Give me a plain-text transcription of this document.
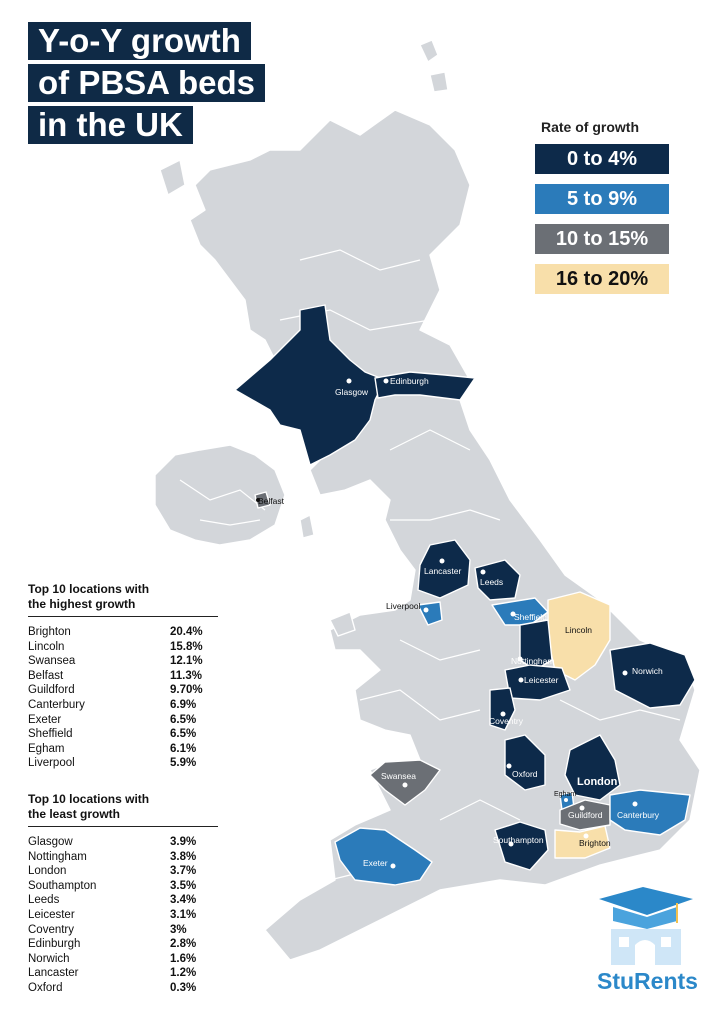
Glasgow
Edinburgh
Belfast
Lancaster
Leeds
Liverpool
Sheffield
Lincoln
Nottingham
Leicester
Norwich
Coventry
Oxford
London
Egham
Guildford Canterbury
Brighton
Swansea
Exeter
Southampton
Y-o-Y growth
of PBSA beds
in the UK	Rate of growth
0 to 4%
5 to 9%
10 to 15%
16 to 20%
Top 10 locations with
the highest growth
Brighton	20.4%
Lincoln	15.8%
Swansea	12.1%
Belfast	11.3%
Guildford	9.70%
Canterbury	6.9%
Exeter	6.5%
Sheffield	6.5%
Egham	6.1%
Liverpool	5.9%
Top 10 locations with
the least growth
Glasgow	3.9%
Nottingham	3.8%
London	3.7%
Southampton	3.5%
Leeds	3.4%
Leicester	3.1%
Coventry	3%
Edinburgh	2.8%
Norwich	1.6%
Lancaster	1.2%
Oxford	0.3%	StuRents
